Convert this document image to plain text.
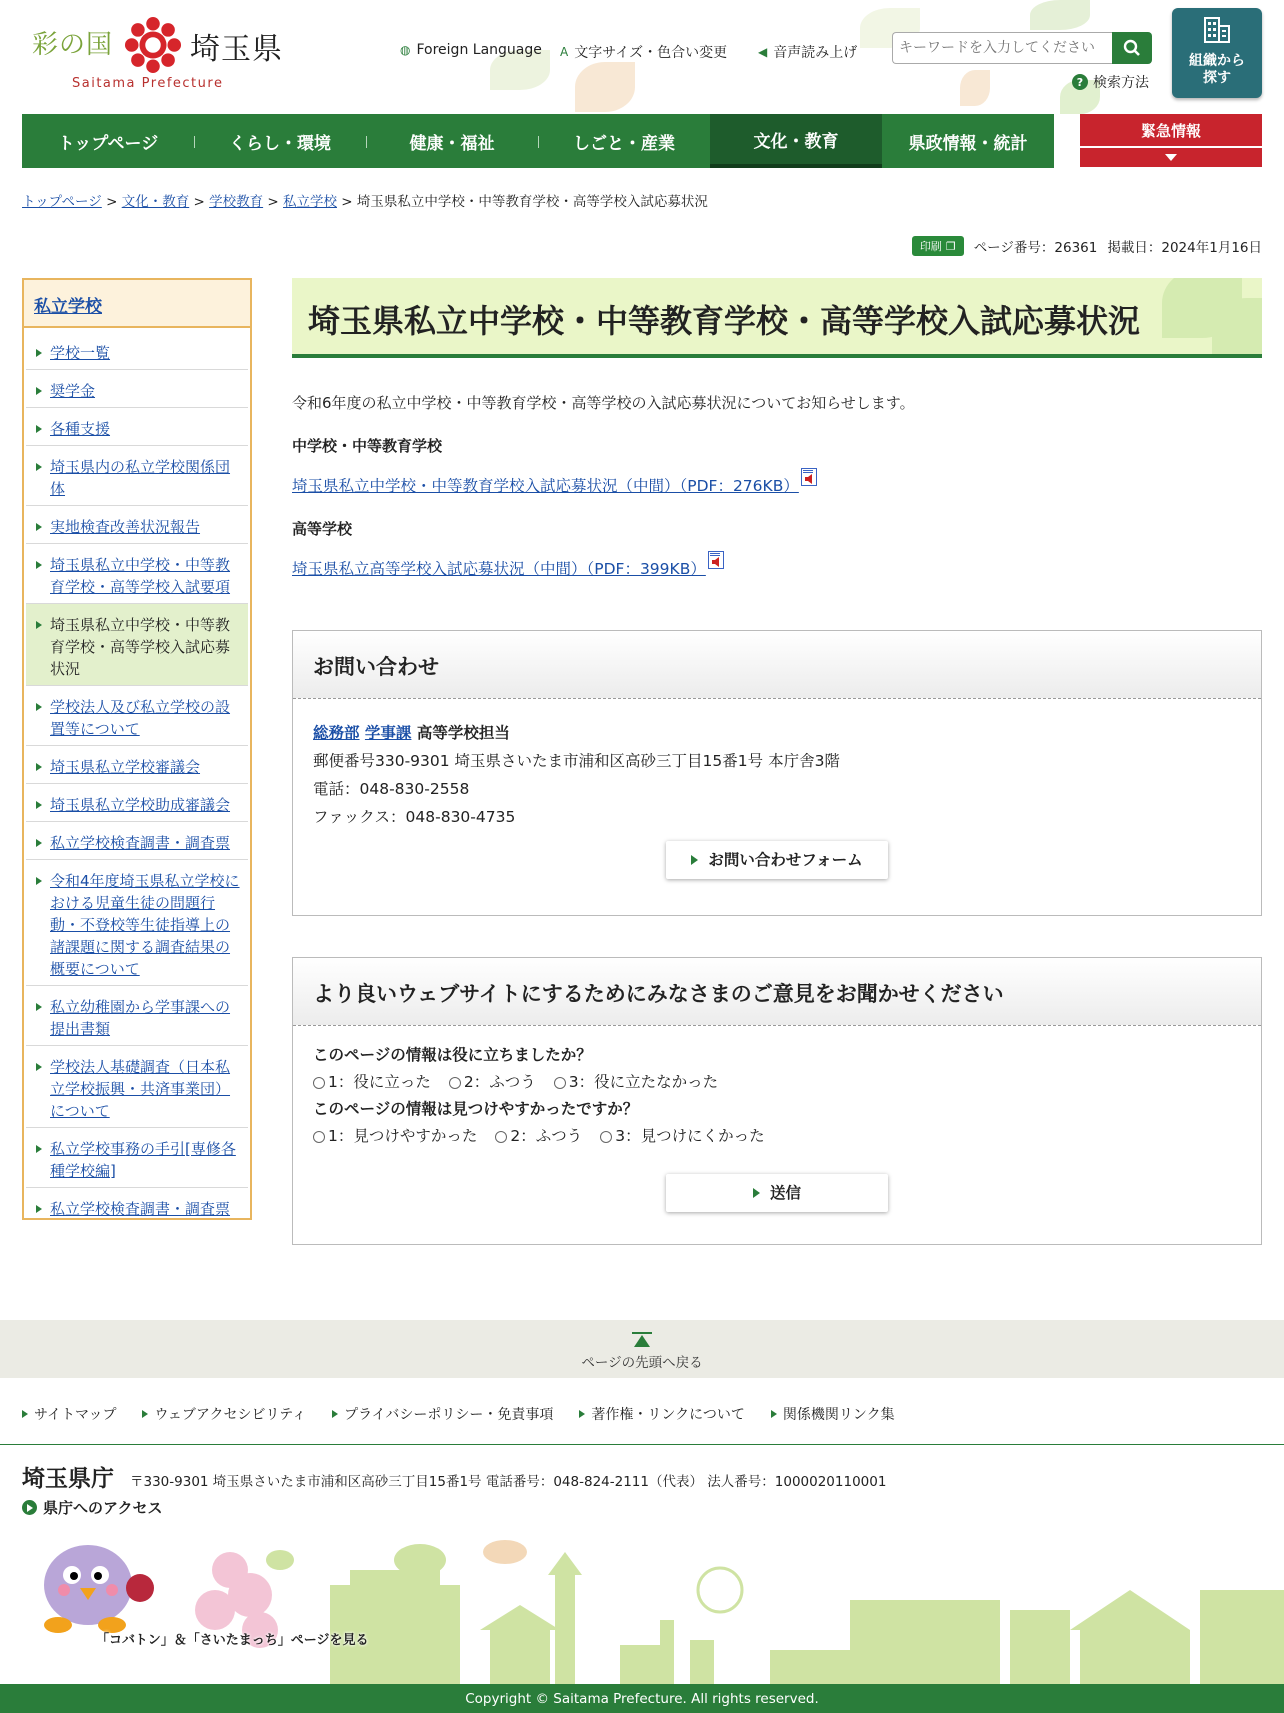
彩の国	埼玉県
Saitama Prefecture
◍ Foreign Language A 文字サイズ・色合い変更	◀ 音声読み上げ
キーワードを入力してください
? 検索方法
組織から探す
トップページ	くらし・環境	健康・福祉	しごと・産業	文化・教育	県政情報・統計
緊急情報
トップページ > 文化・教育 > 学校教育 > 私立学校 > 埼玉県私立中学校・中等教育学校・高等学校入試応募状況
印刷 ❐ ページ番号：26361 掲載日：2024年1月16日
私立学校
学校一覧
奨学金
各種支援
埼玉県内の私立学校関係団体
実地検査改善状況報告
埼玉県私立中学校・中等教育学校・高等学校入試要項
埼玉県私立中学校・中等教育学校・高等学校入試応募状況
学校法人及び私立学校の設置等について
埼玉県私立学校審議会
埼玉県私立学校助成審議会
私立学校検査調書・調査票
令和4年度埼玉県私立学校における児童生徒の問題行動・不登校等生徒指導上の諸課題に関する調査結果の概要について
私立幼稚園から学事課への提出書類
学校法人基礎調査（日本私立学校振興・共済事業団）について
私立学校事務の手引[専修各種学校編]
私立学校検査調書・調査票
埼玉県私立中学校・中等教育学校・高等学校入試応募状況

令和6年度の私立中学校・中等教育学校・高等学校の入試応募状況についてお知らせします。

中学校・中等教育学校
埼玉県私立中学校・中等教育学校入試応募状況（中間）（PDF：276KB）
高等学校
埼玉県私立高等学校入試応募状況（中間）（PDF：399KB）
お問い合わせ
総務部 学事課 高等学校担当
郵便番号330-9301 埼玉県さいたま市浦和区高砂三丁目15番1号 本庁舎3階
電話：048-830-2558
ファックス：048-830-4735
お問い合わせフォーム
より良いウェブサイトにするためにみなさまのご意見をお聞かせください
このページの情報は役に立ちましたか？
1：役に立った 2：ふつう 3：役に立たなかった
このページの情報は見つけやすかったですか？
1：見つけやすかった 2：ふつう 3：見つけにくかった
送信
ページの先頭へ戻る
サイトマップ	ウェブアクセシビリティ	プライバシーポリシー・免責事項	著作権・リンクについて	関係機関リンク集
埼玉県庁 〒330-9301 埼玉県さいたま市浦和区高砂三丁目15番1号 電話番号：048-824-2111（代表） 法人番号：1000020110001
県庁へのアクセス
「コバトン」＆「さいたまっち」ページを見る
Copyright © Saitama Prefecture. All rights reserved.
